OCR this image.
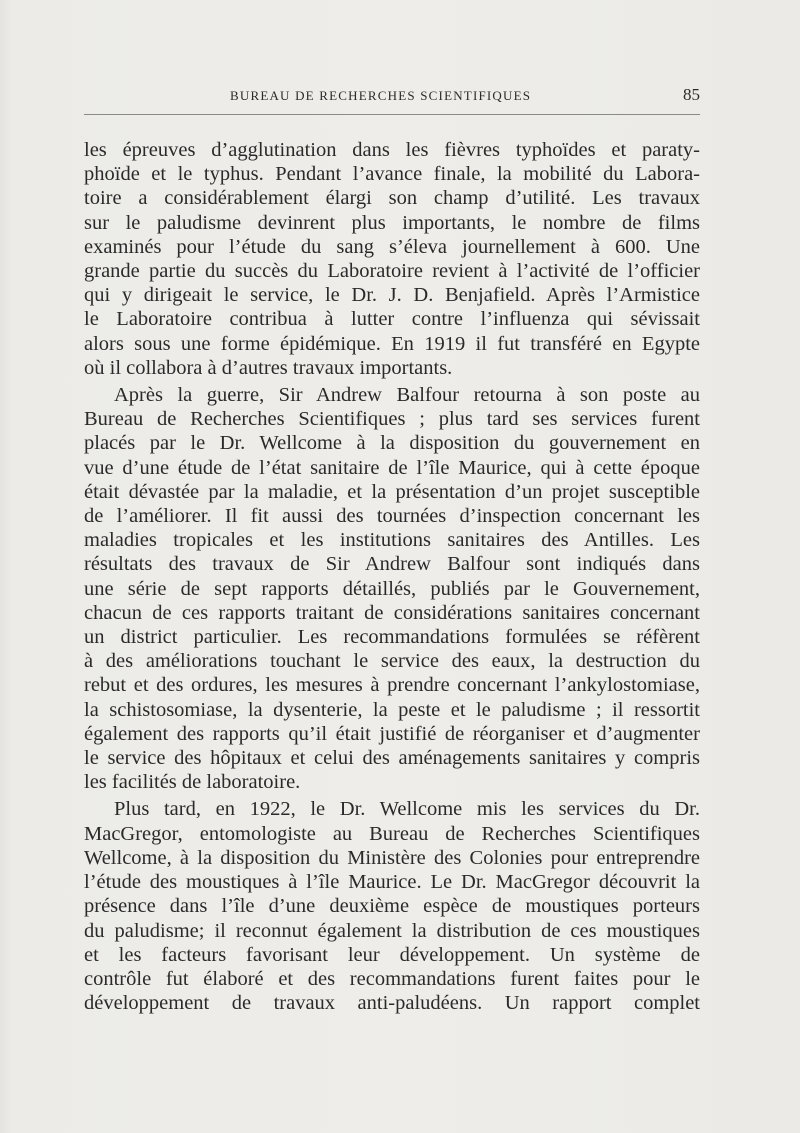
BUREAU DE RECHERCHES SCIENTIFIQUES	85
les épreuves d’agglutination dans les fièvres typhoïdes et paraty-
phoïde et le typhus. Pendant l’avance finale, la mobilité du Labora-
toire a considérablement élargi son champ d’utilité. Les travaux
sur le paludisme devinrent plus importants, le nombre de films
examinés pour l’étude du sang s’éleva journellement à 600. Une
grande partie du succès du Laboratoire revient à l’activité de l’officier
qui y dirigeait le service, le Dr. J. D. Benjafield. Après l’Armistice
le Laboratoire contribua à lutter contre l’influenza qui sévissait
alors sous une forme épidémique. En 1919 il fut transféré en Egypte
où il collabora à d’autres travaux importants.
Après la guerre, Sir Andrew Balfour retourna à son poste au
Bureau de Recherches Scientifiques ; plus tard ses services furent
placés par le Dr. Wellcome à la disposition du gouvernement en
vue d’une étude de l’état sanitaire de l’île Maurice, qui à cette époque
était dévastée par la maladie, et la présentation d’un projet susceptible
de l’améliorer. Il fit aussi des tournées d’inspection concernant les
maladies tropicales et les institutions sanitaires des Antilles. Les
résultats des travaux de Sir Andrew Balfour sont indiqués dans
une série de sept rapports détaillés, publiés par le Gouvernement,
chacun de ces rapports traitant de considérations sanitaires concernant
un district particulier. Les recommandations formulées se réfèrent
à des améliorations touchant le service des eaux, la destruction du
rebut et des ordures, les mesures à prendre concernant l’ankylostomiase,
la schistosomiase, la dysenterie, la peste et le paludisme ; il ressortit
également des rapports qu’il était justifié de réorganiser et d’augmenter
le service des hôpitaux et celui des aménagements sanitaires y compris
les facilités de laboratoire.
Plus tard, en 1922, le Dr. Wellcome mis les services du Dr.
MacGregor, entomologiste au Bureau de Recherches Scientifiques
Wellcome, à la disposition du Ministère des Colonies pour entreprendre
l’étude des moustiques à l’île Maurice. Le Dr. MacGregor découvrit la
présence dans l’île d’une deuxième espèce de moustiques porteurs
du paludisme; il reconnut également la distribution de ces moustiques
et les facteurs favorisant leur développement. Un système de
contrôle fut élaboré et des recommandations furent faites pour le
développement de travaux anti-paludéens. Un rapport complet
